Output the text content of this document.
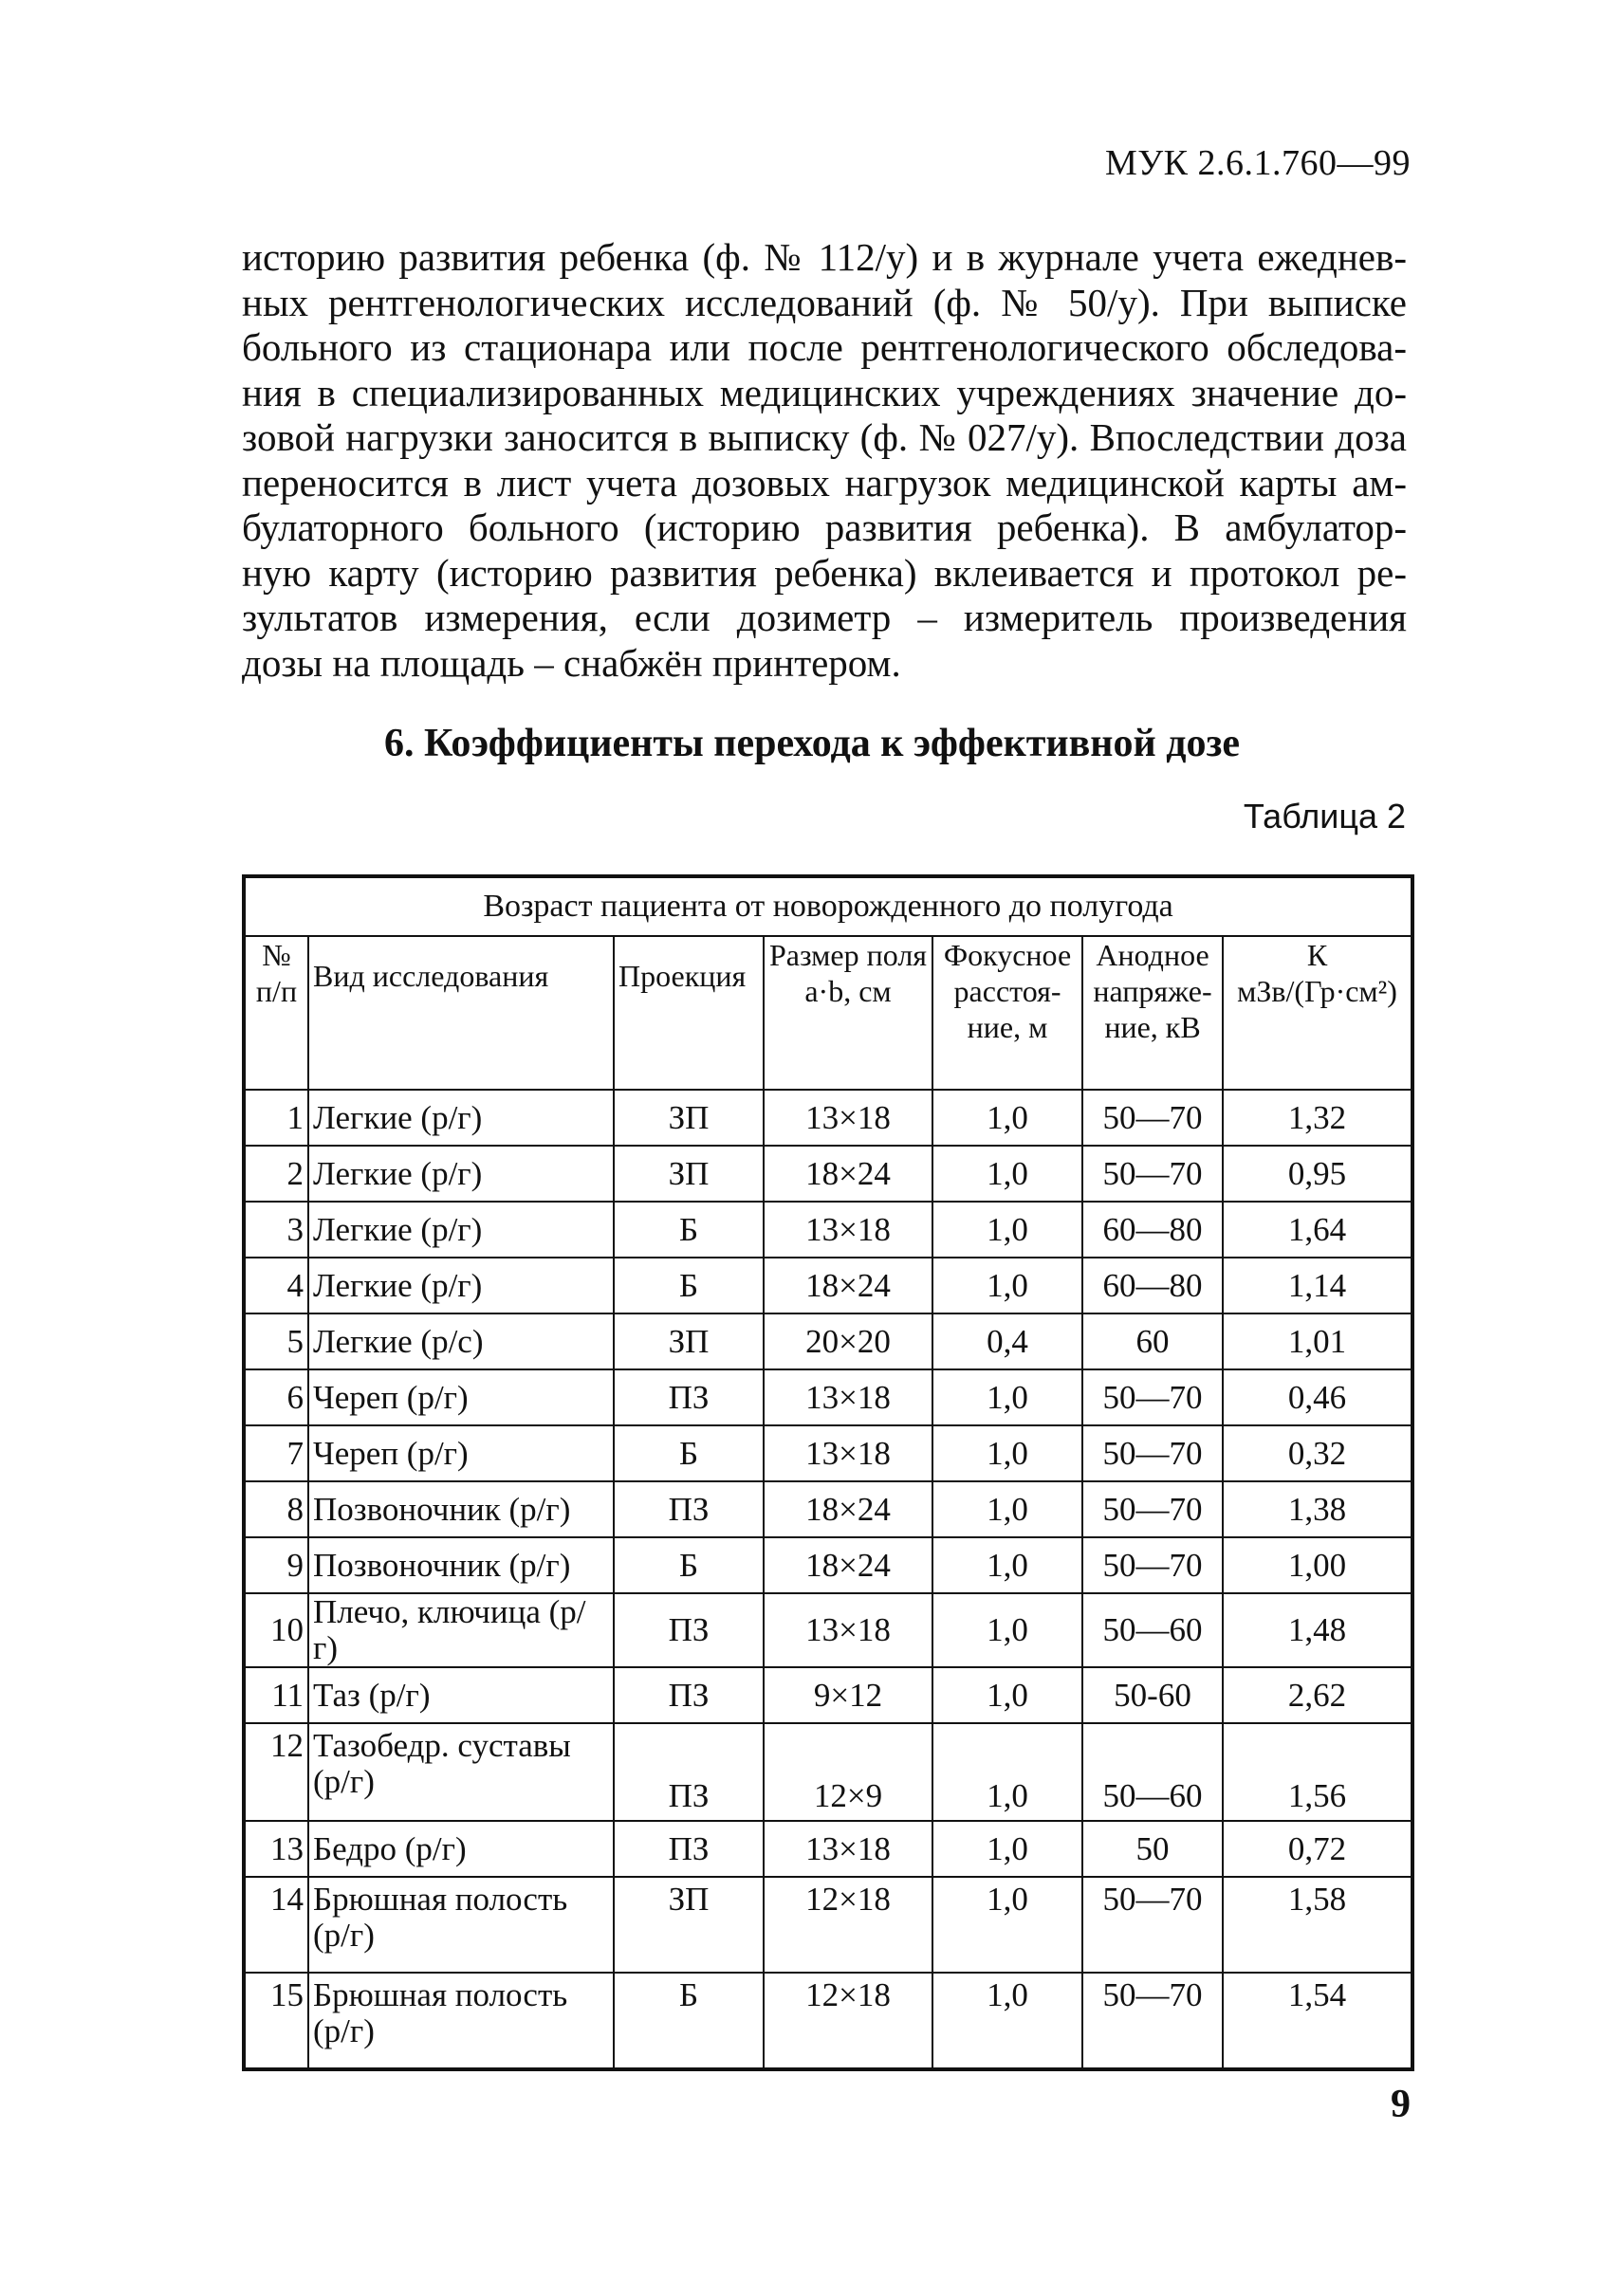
МУК 2.6.1.760—99

историю развития ребенка (ф. № 112/у) и в журнале учета ежеднев-
ных рентгенологических исследований (ф. № 50/у). При выписке
больного из стационара или после рентгенологического обследова-
ния в специализированных медицинских учреждениях значение до-
зовой нагрузки заносится в выписку (ф. № 027/у). Впоследствии доза
переносится в лист учета дозовых нагрузок медицинской карты ам-
булаторного больного (историю развития ребенка). В амбулатор-
ную карту (историю развития ребенка) вклеивается и протокол ре-
зультатов измерения, если дозиметр – измеритель произведения
дозы на площадь – снабжён принтером.

6. Коэффициенты перехода к эффективной дозе
Таблица 2
Возраст пациента от новорожденного до полугода						
№ п/п	Вид исследования	Проекция	Размер поля a·b, см	Фокусное расстоя-ние, м	Анодное напряже-ние, кВ	К мЗв/(Гр·см²)
1	Легкие (р/г)	ЗП	13×18	1,0	50—70	1,32
2	Легкие (р/г)	ЗП	18×24	1,0	50—70	0,95
3	Легкие (р/г)	Б	13×18	1,0	60—80	1,64
4	Легкие (р/г)	Б	18×24	1,0	60—80	1,14
5	Легкие (р/с)	ЗП	20×20	0,4	60	1,01
6	Череп (р/г)	ПЗ	13×18	1,0	50—70	0,46
7	Череп (р/г)	Б	13×18	1,0	50—70	0,32
8	Позвоночник (р/г)	ПЗ	18×24	1,0	50—70	1,38
9	Позвоночник (р/г)	Б	18×24	1,0	50—70	1,00
10	Плечо, ключица (р/г)	ПЗ	13×18	1,0	50—60	1,48
11	Таз (р/г)	ПЗ	9×12	1,0	50-60	2,62
12	Тазобедр. суставы (р/г)	ПЗ	12×9	1,0	50—60	1,56
13	Бедро (р/г)	ПЗ	13×18	1,0	50	0,72
14	Брюшная полость (р/г)	ЗП	12×18	1,0	50—70	1,58
15	Брюшная полость (р/г)	Б	12×18	1,0	50—70	1,54
9
